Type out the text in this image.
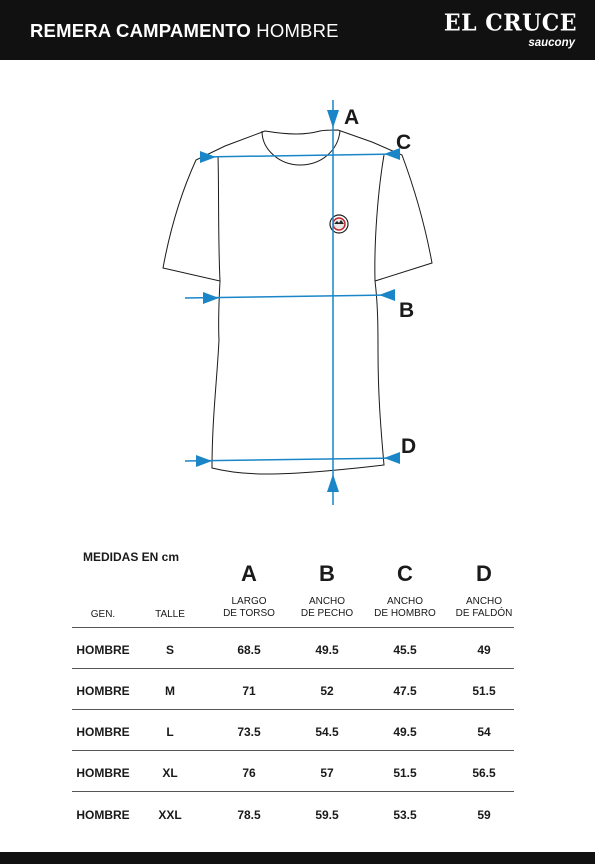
REMERA CAMPAMENTO HOMBRE	EL CRUCE
saucony
A
C
B
D
MEDIDAS EN cm
A	B	C	D
GEN.	TALLE
LARGO
DE TORSO
ANCHO
DE PECHO
ANCHO
DE HOMBRO
ANCHO
DE FALDÓN
HOMBRE	S	68.5	49.5	45.5	49
HOMBRE	M	71	52	47.5	51.5
HOMBRE	L	73.5	54.5	49.5	54
HOMBRE	XL	76	57	51.5	56.5
HOMBRE	XXL	78.5	59.5	53.5	59
